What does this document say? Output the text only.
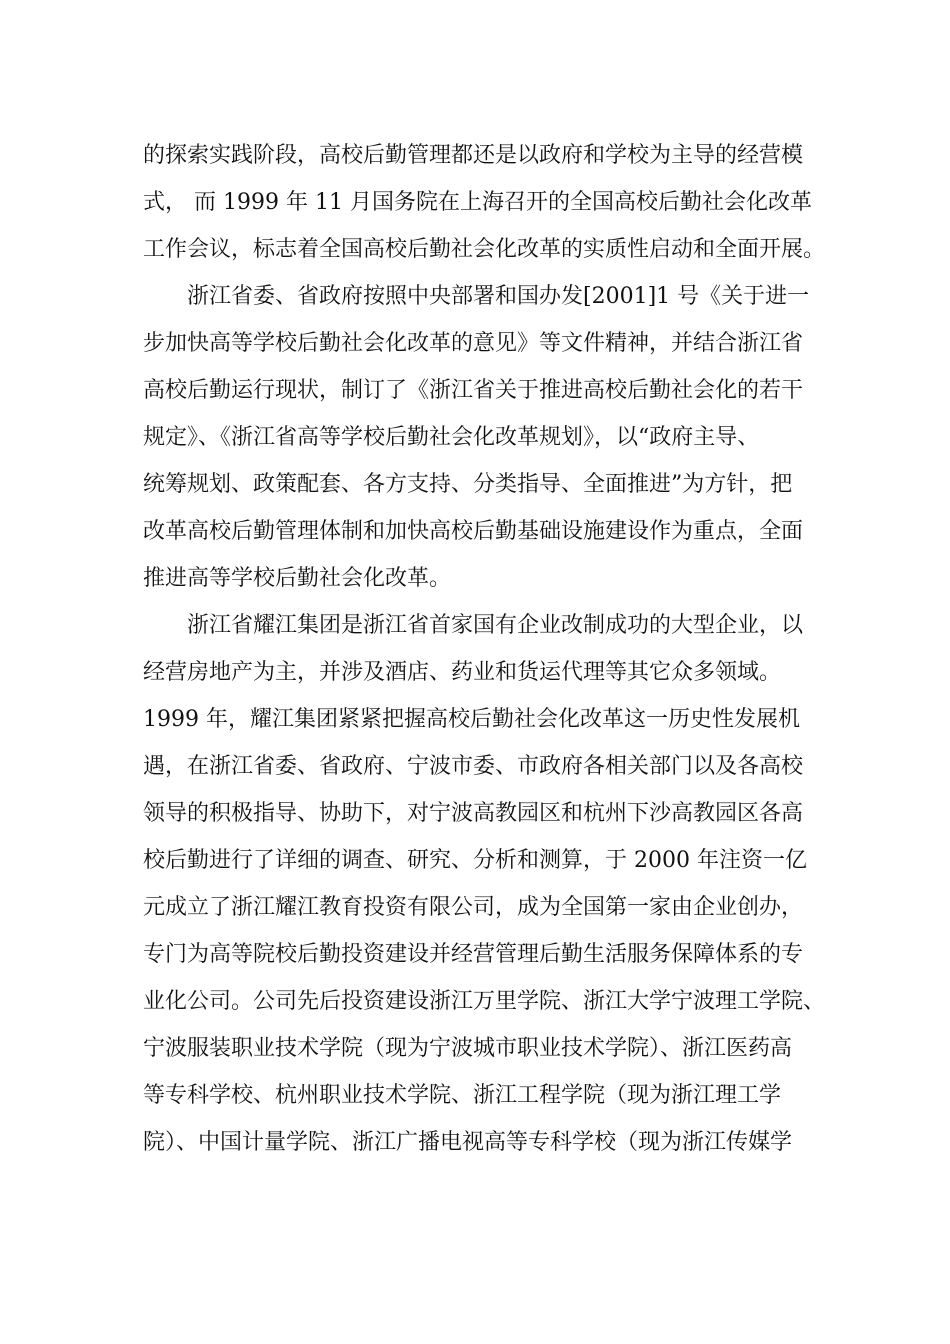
的探索实践阶段，高校后勤管理都还是以政府和学校为主导的经营模
式， 而 1999 年 11 月国务院在上海召开的全国高校后勤社会化改革
工作会议，标志着全国高校后勤社会化改革的实质性启动和全面开展。
浙江省委、省政府按照中央部署和国办发[2001]1 号《关于进一
步加快高等学校后勤社会化改革的意见》等文件精神，并结合浙江省
高校后勤运行现状，制订了《浙江省关于推进高校后勤社会化的若干
规定》、《浙江省高等学校后勤社会化改革规划》，以“政府主导、
统筹规划、政策配套、各方支持、分类指导、全面推进”为方针，把
改革高校后勤管理体制和加快高校后勤基础设施建设作为重点，全面
推进高等学校后勤社会化改革。
浙江省耀江集团是浙江省首家国有企业改制成功的大型企业，以
经营房地产为主，并涉及酒店、药业和货运代理等其它众多领域。
1999 年，耀江集团紧紧把握高校后勤社会化改革这一历史性发展机
遇，在浙江省委、省政府、宁波市委、市政府各相关部门以及各高校
领导的积极指导、协助下，对宁波高教园区和杭州下沙高教园区各高
校后勤进行了详细的调查、研究、分析和测算，于 2000 年注资一亿
元成立了浙江耀江教育投资有限公司，成为全国第一家由企业创办，
专门为高等院校后勤投资建设并经营管理后勤生活服务保障体系的专
业化公司。公司先后投资建设浙江万里学院、浙江大学宁波理工学院、
宁波服装职业技术学院（现为宁波城市职业技术学院）、浙江医药高
等专科学校、杭州职业技术学院、浙江工程学院（现为浙江理工学
院）、中国计量学院、浙江广播电视高等专科学校（现为浙江传媒学
